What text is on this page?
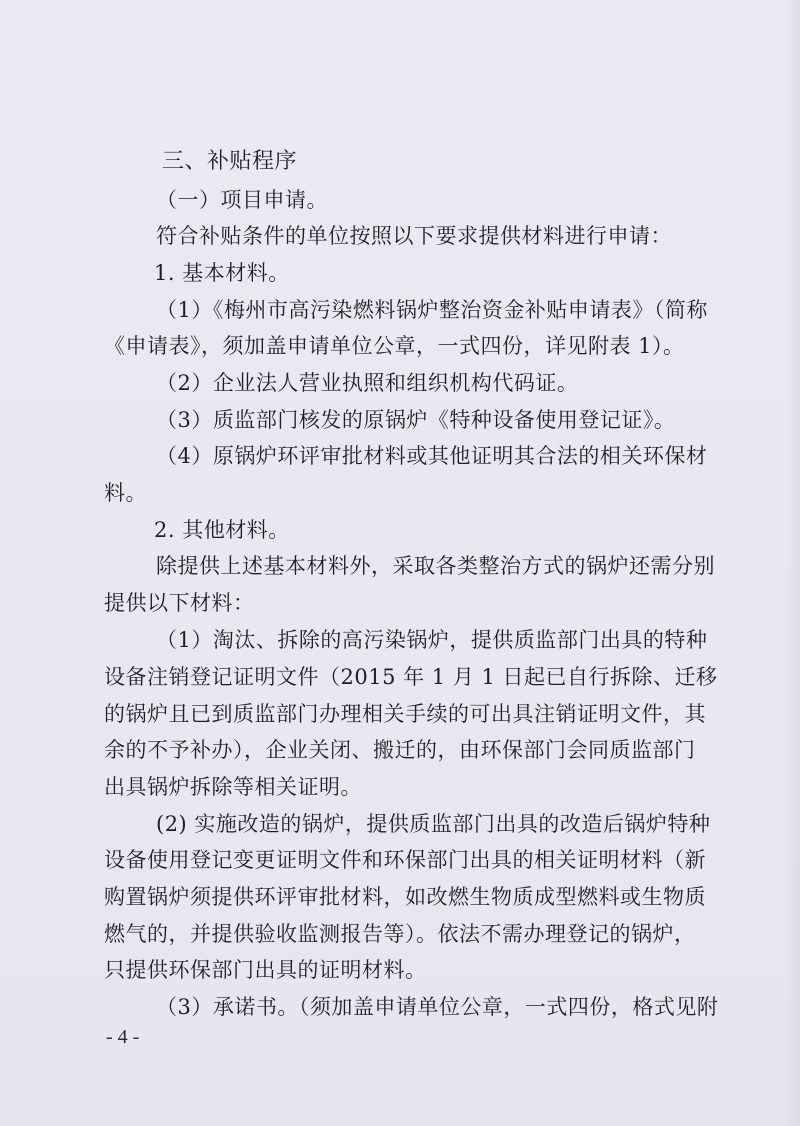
三、补贴程序
（一）项目申请。
符合补贴条件的单位按照以下要求提供材料进行申请：
1. 基本材料。
（1）《梅州市高污染燃料锅炉整治资金补贴申请表》（简称
《申请表》，须加盖申请单位公章，一式四份，详见附表 1）。
（2）企业法人营业执照和组织机构代码证。
（3）质监部门核发的原锅炉《特种设备使用登记证》。
（4）原锅炉环评审批材料或其他证明其合法的相关环保材
料。
2. 其他材料。
除提供上述基本材料外，采取各类整治方式的锅炉还需分别
提供以下材料：
（1）淘汰、拆除的高污染锅炉，提供质监部门出具的特种
设备注销登记证明文件（2015 年 1 月 1 日起已自行拆除、迁移
的锅炉且已到质监部门办理相关手续的可出具注销证明文件，其
余的不予补办），企业关闭、搬迁的，由环保部门会同质监部门
出具锅炉拆除等相关证明。
(2) 实施改造的锅炉，提供质监部门出具的改造后锅炉特种
设备使用登记变更证明文件和环保部门出具的相关证明材料（新
购置锅炉须提供环评审批材料，如改燃生物质成型燃料或生物质
燃气的，并提供验收监测报告等）。依法不需办理登记的锅炉，
只提供环保部门出具的证明材料。
（3）承诺书。（须加盖申请单位公章，一式四份，格式见附
- 4 -
